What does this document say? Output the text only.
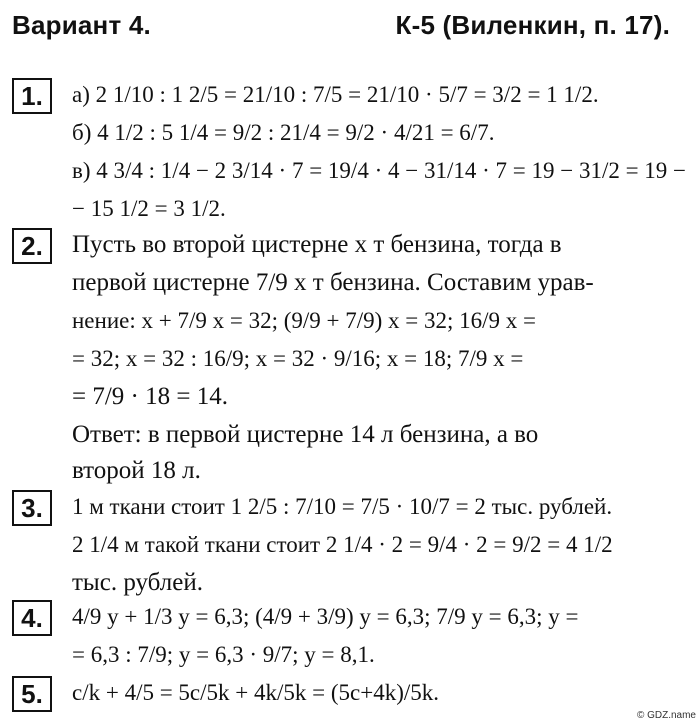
Вариант 4.	К-5 (Виленкин, п. 17).
1.	а) 2 1/10 : 1 2/5 = 21/10 : 7/5 = 21/10 · 5/7 = 3/2 = 1 1/2.
б) 4 1/2 : 5 1/4 = 9/2 : 21/4 = 9/2 · 4/21 = 6/7.
в) 4 3/4 : 1/4 − 2 3/14 · 7 = 19/4 · 4 − 31/14 · 7 = 19 − 31/2 = 19 −
− 15 1/2 = 3 1/2.
2.	Пусть во второй цистерне x т бензина, тогда в
первой цистерне 7/9 x т бензина. Составим урав-
нение: x + 7/9 x = 32; (9/9 + 7/9) x = 32; 16/9 x =
= 32; x = 32 : 16/9; x = 32 · 9/16; x = 18; 7/9 x =
= 7/9 · 18 = 14.
Ответ: в первой цистерне 14 л бензина, а во
второй 18 л.
3.	1 м ткани стоит 1 2/5 : 7/10 = 7/5 · 10/7 = 2 тыс. рублей.
2 1/4 м такой ткани стоит 2 1/4 · 2 = 9/4 · 2 = 9/2 = 4 1/2
тыс. рублей.
4.	4/9 y + 1/3 y = 6,3; (4/9 + 3/9) y = 6,3; 7/9 y = 6,3; y =
= 6,3 : 7/9; y = 6,3 · 9/7; y = 8,1.
5.	c/k + 4/5 = 5c/5k + 4k/5k = (5c+4k)/5k.
© GDZ.name
